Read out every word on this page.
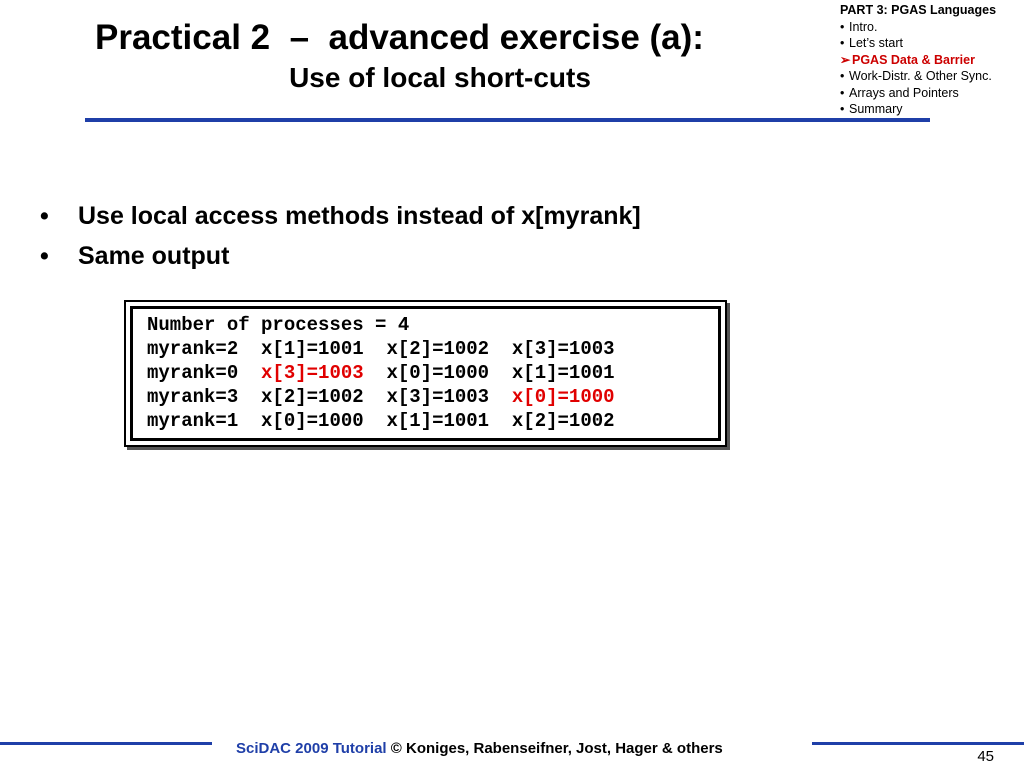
Practical 2  –  advanced exercise (a):
Use of local short-cuts
PART 3: PGAS Languages
• Intro.
• Let’s start
➢ PGAS Data & Barrier
• Work-Distr. & Other Sync.
• Arrays and Pointers
• Summary
• Use local access methods instead of x[myrank]
• Same output
Number of processes = 4
myrank=2  x[1]=1001 x[2]=1002 x[3]=1003
myrank=0  x[3]=1003 x[0]=1000 x[1]=1001
myrank=3  x[2]=1002 x[3]=1003 x[0]=1000
myrank=1  x[0]=1000 x[1]=1001 x[2]=1002
SciDAC 2009 Tutorial © Koniges, Rabenseifner, Jost, Hager & others	45
